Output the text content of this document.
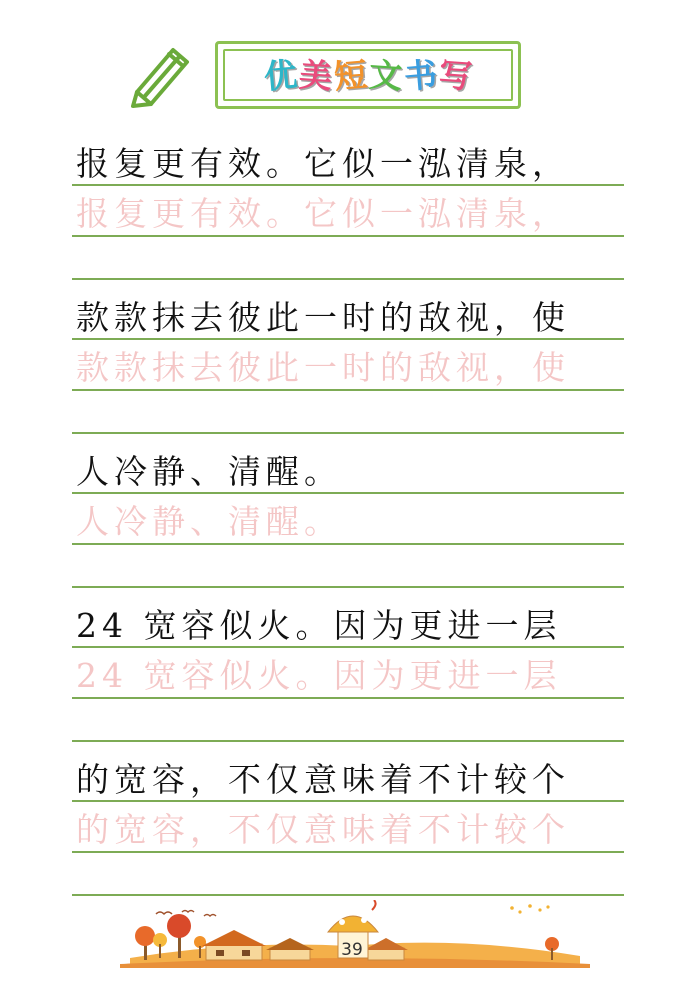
优 美 短 文 书 写
报复更有效。它似一泓清泉，
报复更有效。它似一泓清泉，
款款抹去彼此一时的敌视，使
款款抹去彼此一时的敌视，使
人冷静、清醒。
人冷静、清醒。
24 宽容似火。因为更进一层
24 宽容似火。因为更进一层
的宽容，不仅意味着不计较个
的宽容，不仅意味着不计较个
39
